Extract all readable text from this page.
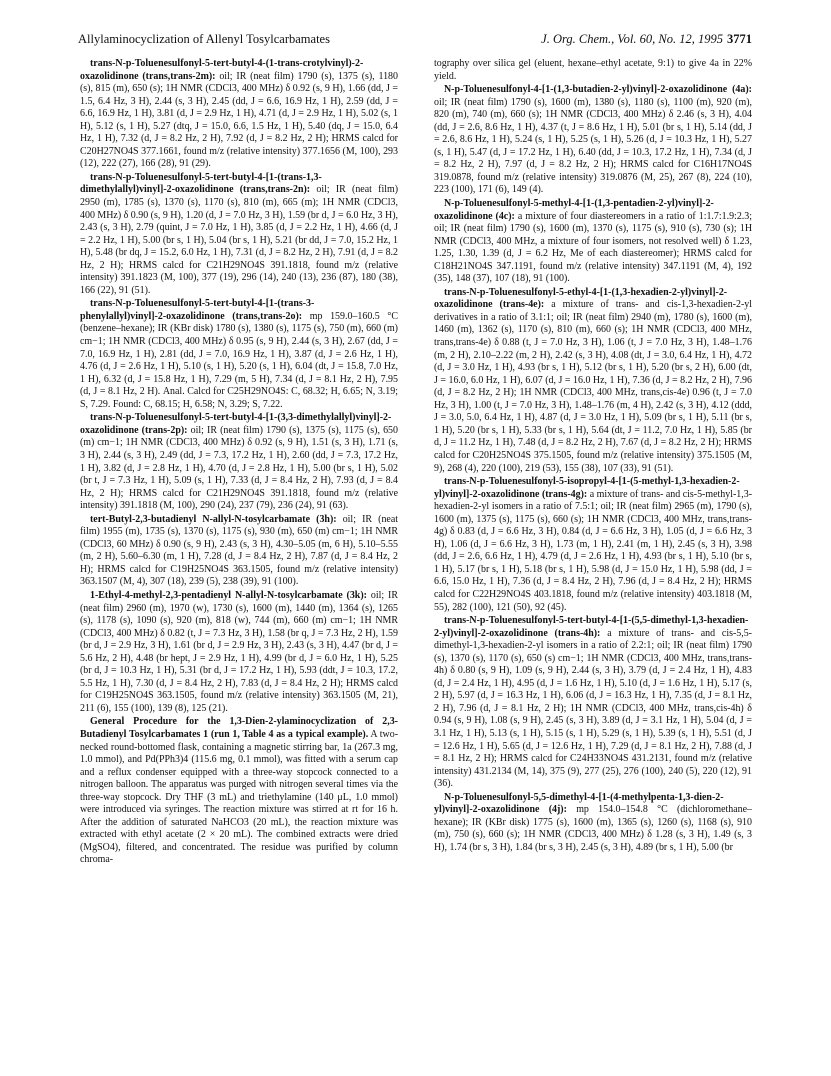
Allylaminocyclization of Allenyl Tosylcarbamates	J. Org. Chem., Vol. 60, No. 12, 1995 3771

trans-N-p-Toluenesulfonyl-5-tert-butyl-4-(1-trans-crotylvinyl)-2-oxazolidinone (trans,trans-2m): oil; IR (neat film) 1790 (s), 1375 (s), 1180 (s), 815 (m), 650 (s); 1H NMR (CDCl3, 400 MHz) δ 0.92 (s, 9 H), 1.66 (dd, J = 1.5, 6.4 Hz, 3 H), 2.44 (s, 3 H), 2.45 (dd, J = 6.6, 16.9 Hz, 1 H), 2.59 (dd, J = 6.6, 16.9 Hz, 1 H), 3.81 (d, J = 2.9 Hz, 1 H), 4.71 (d, J = 2.9 Hz, 1 H), 5.02 (s, 1 H), 5.12 (s, 1 H), 5.27 (dtq, J = 15.0, 6.6, 1.5 Hz, 1 H), 5.40 (dq, J = 15.0, 6.4 Hz, 1 H), 7.32 (d, J = 8.2 Hz, 2 H), 7.92 (d, J = 8.2 Hz, 2 H); HRMS calcd for C20H27NO4S 377.1661, found m/z (relative intensity) 377.1656 (M, 100), 293 (12), 222 (27), 166 (28), 91 (29).

trans-N-p-Toluenesulfonyl-5-tert-butyl-4-[1-(trans-1,3-dimethylallyl)vinyl]-2-oxazolidinone (trans,trans-2n): oil; IR (neat film) 2950 (m), 1785 (s), 1370 (s), 1170 (s), 810 (m), 665 (m); 1H NMR (CDCl3, 400 MHz) δ 0.90 (s, 9 H), 1.20 (d, J = 7.0 Hz, 3 H), 1.59 (br d, J = 6.0 Hz, 3 H), 2.43 (s, 3 H), 2.79 (quint, J = 7.0 Hz, 1 H), 3.85 (d, J = 2.2 Hz, 1 H), 4.66 (d, J = 2.2 Hz, 1 H), 5.00 (br s, 1 H), 5.04 (br s, 1 H), 5.21 (br dd, J = 7.0, 15.2 Hz, 1 H), 5.48 (br dq, J = 15.2, 6.0 Hz, 1 H), 7.31 (d, J = 8.2 Hz, 2 H), 7.91 (d, J = 8.2 Hz, 2 H); HRMS calcd for C21H29NO4S 391.1818, found m/z (relative intensity) 391.1823 (M, 100), 377 (19), 296 (14), 240 (13), 236 (87), 180 (38), 166 (22), 91 (51).

trans-N-p-Toluenesulfonyl-5-tert-butyl-4-[1-(trans-3-phenylallyl)vinyl]-2-oxazolidinone (trans,trans-2o): mp 159.0–160.5 °C (benzene–hexane); IR (KBr disk) 1780 (s), 1380 (s), 1175 (s), 750 (m), 660 (m) cm−1; 1H NMR (CDCl3, 400 MHz) δ 0.95 (s, 9 H), 2.44 (s, 3 H), 2.67 (dd, J = 7.0, 16.9 Hz, 1 H), 2.81 (dd, J = 7.0, 16.9 Hz, 1 H), 3.87 (d, J = 2.6 Hz, 1 H), 4.76 (d, J = 2.6 Hz, 1 H), 5.10 (s, 1 H), 5.20 (s, 1 H), 6.04 (dt, J = 15.8, 7.0 Hz, 1 H), 6.32 (d, J = 15.8 Hz, 1 H), 7.29 (m, 5 H), 7.34 (d, J = 8.1 Hz, 2 H), 7.95 (d, J = 8.1 Hz, 2 H). Anal. Calcd for C25H29NO4S: C, 68.32; H, 6.65; N, 3.19; S, 7.29. Found: C, 68.15; H, 6.58; N, 3.29; S, 7.22.

trans-N-p-Toluenesulfonyl-5-tert-butyl-4-[1-(3,3-dimethylallyl)vinyl]-2-oxazolidinone (trans-2p): oil; IR (neat film) 1790 (s), 1375 (s), 1175 (s), 650 (m) cm−1; 1H NMR (CDCl3, 400 MHz) δ 0.92 (s, 9 H), 1.51 (s, 3 H), 1.71 (s, 3 H), 2.44 (s, 3 H), 2.49 (dd, J = 7.3, 17.2 Hz, 1 H), 2.60 (dd, J = 7.3, 17.2 Hz, 1 H), 3.82 (d, J = 2.8 Hz, 1 H), 4.70 (d, J = 2.8 Hz, 1 H), 5.00 (br s, 1 H), 5.02 (br t, J = 7.3 Hz, 1 H), 5.09 (s, 1 H), 7.33 (d, J = 8.4 Hz, 2 H), 7.93 (d, J = 8.4 Hz, 2 H); HRMS calcd for C21H29NO4S 391.1818, found m/z (relative intensity) 391.1818 (M, 100), 290 (24), 237 (79), 236 (24), 91 (63).

tert-Butyl-2,3-butadienyl N-allyl-N-tosylcarbamate (3h): oil; IR (neat film) 1955 (m), 1735 (s), 1370 (s), 1175 (s), 930 (m), 650 (m) cm−1; 1H NMR (CDCl3, 60 MHz) δ 0.90 (s, 9 H), 2.43 (s, 3 H), 4.30–5.05 (m, 6 H), 5.10–5.55 (m, 2 H), 5.60–6.30 (m, 1 H), 7.28 (d, J = 8.4 Hz, 2 H), 7.87 (d, J = 8.4 Hz, 2 H); HRMS calcd for C19H25NO4S 363.1505, found m/z (relative intensity) 363.1507 (M, 4), 307 (18), 239 (5), 238 (39), 91 (100).

1-Ethyl-4-methyl-2,3-pentadienyl N-allyl-N-tosylcarbamate (3k): oil; IR (neat film) 2960 (m), 1970 (w), 1730 (s), 1600 (m), 1440 (m), 1364 (s), 1265 (s), 1178 (s), 1090 (s), 920 (m), 818 (w), 744 (m), 660 (m) cm−1; 1H NMR (CDCl3, 400 MHz) δ 0.82 (t, J = 7.3 Hz, 3 H), 1.58 (br q, J = 7.3 Hz, 2 H), 1.59 (br d, J = 2.9 Hz, 3 H), 1.61 (br d, J = 2.9 Hz, 3 H), 2.43 (s, 3 H), 4.47 (br d, J = 5.6 Hz, 2 H), 4.48 (br hept, J = 2.9 Hz, 1 H), 4.99 (br d, J = 6.0 Hz, 1 H), 5.25 (br d, J = 10.3 Hz, 1 H), 5.31 (br d, J = 17.2 Hz, 1 H), 5.93 (ddt, J = 10.3, 17.2, 5.5 Hz, 1 H), 7.30 (d, J = 8.4 Hz, 2 H), 7.83 (d, J = 8.4 Hz, 2 H); HRMS calcd for C19H25NO4S 363.1505, found m/z (relative intensity) 363.1505 (M, 21), 211 (6), 155 (100), 139 (8), 125 (21).

General Procedure for the 1,3-Dien-2-ylaminocyclization of 2,3-Butadienyl Tosylcarbamates 1 (run 1, Table 4 as a typical example). A two-necked round-bottomed flask, containing a magnetic stirring bar, 1a (267.3 mg, 1.0 mmol), and Pd(PPh3)4 (115.6 mg, 0.1 mmol), was fitted with a serum cap and a reflux condenser equipped with a three-way stopcock connected to a nitrogen balloon. The apparatus was purged with nitrogen several times via the three-way stopcock. Dry THF (3 mL) and triethylamine (140 μL, 1.0 mmol) were introduced via syringes. The reaction mixture was stirred at rt for 16 h. After the addition of saturated NaHCO3 (20 mL), the reaction mixture was extracted with ethyl acetate (2 × 20 mL). The combined extracts were dried (MgSO4), filtered, and concentrated. The residue was purified by column chroma-

tography over silica gel (eluent, hexane–ethyl acetate, 9:1) to give 4a in 22% yield.

N-p-Toluenesulfonyl-4-[1-(1,3-butadien-2-yl)vinyl]-2-oxazolidinone (4a): oil; IR (neat film) 1790 (s), 1600 (m), 1380 (s), 1180 (s), 1100 (m), 920 (m), 820 (m), 740 (m), 660 (s); 1H NMR (CDCl3, 400 MHz) δ 2.46 (s, 3 H), 4.04 (dd, J = 2.6, 8.6 Hz, 1 H), 4.37 (t, J = 8.6 Hz, 1 H), 5.01 (br s, 1 H), 5.14 (dd, J = 2.6, 8.6 Hz, 1 H), 5.24 (s, 1 H), 5.25 (s, 1 H), 5.26 (d, J = 10.3 Hz, 1 H), 5.27 (s, 1 H), 5.47 (d, J = 17.2 Hz, 1 H), 6.40 (dd, J = 10.3, 17.2 Hz, 1 H), 7.34 (d, J = 8.2 Hz, 2 H), 7.97 (d, J = 8.2 Hz, 2 H); HRMS calcd for C16H17NO4S 319.0878, found m/z (relative intensity) 319.0876 (M, 25), 267 (8), 224 (10), 223 (100), 171 (6), 149 (4).

N-p-Toluenesulfonyl-5-methyl-4-[1-(1,3-pentadien-2-yl)vinyl]-2-oxazolidinone (4c): a mixture of four diastereomers in a ratio of 1:1.7:1.9:2.3; oil; IR (neat film) 1790 (s), 1600 (m), 1370 (s), 1175 (s), 910 (s), 730 (s); 1H NMR (CDCl3, 400 MHz, a mixture of four isomers, not resolved well) δ 1.23, 1.25, 1.30, 1.39 (d, J = 6.2 Hz, Me of each diastereomer); HRMS calcd for C18H21NO4S 347.1191, found m/z (relative intensity) 347.1191 (M, 4), 192 (35), 148 (37), 107 (18), 91 (100).

trans-N-p-Toluenesulfonyl-5-ethyl-4-[1-(1,3-hexadien-2-yl)vinyl]-2-oxazolidinone (trans-4e): a mixture of trans- and cis-1,3-hexadien-2-yl derivatives in a ratio of 3.1:1; oil; IR (neat film) 2940 (m), 1780 (s), 1600 (m), 1460 (m), 1362 (s), 1170 (s), 810 (m), 660 (s); 1H NMR (CDCl3, 400 MHz, trans,trans-4e) δ 0.88 (t, J = 7.0 Hz, 3 H), 1.06 (t, J = 7.0 Hz, 3 H), 1.48–1.76 (m, 2 H), 2.10–2.22 (m, 2 H), 2.42 (s, 3 H), 4.08 (dt, J = 3.0, 6.4 Hz, 1 H), 4.72 (d, J = 3.0 Hz, 1 H), 4.93 (br s, 1 H), 5.12 (br s, 1 H), 5.20 (br s, 2 H), 6.00 (dt, J = 16.0, 6.0 Hz, 1 H), 6.07 (d, J = 16.0 Hz, 1 H), 7.36 (d, J = 8.2 Hz, 2 H), 7.96 (d, J = 8.2 Hz, 2 H); 1H NMR (CDCl3, 400 MHz, trans,cis-4e) 0.96 (t, J = 7.0 Hz, 3 H), 1.00 (t, J = 7.0 Hz, 3 H), 1.48–1.76 (m, 4 H), 2.42 (s, 3 H), 4.12 (ddd, J = 3.0, 5.0, 6.4 Hz, 1 H), 4.87 (d, J = 3.0 Hz, 1 H), 5.09 (br s, 1 H), 5.11 (br s, 1 H), 5.20 (br s, 1 H), 5.33 (br s, 1 H), 5.64 (dt, J = 11.2, 7.0 Hz, 1 H), 5.85 (br d, J = 11.2 Hz, 1 H), 7.48 (d, J = 8.2 Hz, 2 H), 7.67 (d, J = 8.2 Hz, 2 H); HRMS calcd for C20H25NO4S 375.1505, found m/z (relative intensity) 375.1505 (M, 9), 268 (4), 220 (100), 219 (53), 155 (38), 107 (33), 91 (51).

trans-N-p-Toluenesulfonyl-5-isopropyl-4-[1-(5-methyl-1,3-hexadien-2-yl)vinyl]-2-oxazolidinone (trans-4g): a mixture of trans- and cis-5-methyl-1,3-hexadien-2-yl isomers in a ratio of 7.5:1; oil; IR (neat film) 2965 (m), 1790 (s), 1600 (m), 1375 (s), 1175 (s), 660 (s); 1H NMR (CDCl3, 400 MHz, trans,trans-4g) δ 0.83 (d, J = 6.6 Hz, 3 H), 0.84 (d, J = 6.6 Hz, 3 H), 1.05 (d, J = 6.6 Hz, 3 H), 1.06 (d, J = 6.6 Hz, 3 H), 1.73 (m, 1 H), 2.41 (m, 1 H), 2.45 (s, 3 H), 3.98 (dd, J = 2.6, 6.6 Hz, 1 H), 4.79 (d, J = 2.6 Hz, 1 H), 4.93 (br s, 1 H), 5.10 (br s, 1 H), 5.17 (br s, 1 H), 5.18 (br s, 1 H), 5.98 (d, J = 15.0 Hz, 1 H), 5.98 (dd, J = 6.6, 15.0 Hz, 1 H), 7.36 (d, J = 8.4 Hz, 2 H), 7.96 (d, J = 8.4 Hz, 2 H); HRMS calcd for C22H29NO4S 403.1818, found m/z (relative intensity) 403.1818 (M, 55), 282 (100), 121 (50), 92 (45).

trans-N-p-Toluenesulfonyl-5-tert-butyl-4-[1-(5,5-dimethyl-1,3-hexadien-2-yl)vinyl]-2-oxazolidinone (trans-4h): a mixture of trans- and cis-5,5-dimethyl-1,3-hexadien-2-yl isomers in a ratio of 2.2:1; oil; IR (neat film) 1790 (s), 1370 (s), 1170 (s), 650 (s) cm−1; 1H NMR (CDCl3, 400 MHz, trans,trans-4h) δ 0.80 (s, 9 H), 1.09 (s, 9 H), 2.44 (s, 3 H), 3.79 (d, J = 2.4 Hz, 1 H), 4.83 (d, J = 2.4 Hz, 1 H), 4.95 (d, J = 1.6 Hz, 1 H), 5.10 (d, J = 1.6 Hz, 1 H), 5.17 (s, 2 H), 5.97 (d, J = 16.3 Hz, 1 H), 6.06 (d, J = 16.3 Hz, 1 H), 7.35 (d, J = 8.1 Hz, 2 H), 7.96 (d, J = 8.1 Hz, 2 H); 1H NMR (CDCl3, 400 MHz, trans,cis-4h) δ 0.94 (s, 9 H), 1.08 (s, 9 H), 2.45 (s, 3 H), 3.89 (d, J = 3.1 Hz, 1 H), 5.04 (d, J = 3.1 Hz, 1 H), 5.13 (s, 1 H), 5.15 (s, 1 H), 5.29 (s, 1 H), 5.39 (s, 1 H), 5.51 (d, J = 12.6 Hz, 1 H), 5.65 (d, J = 12.6 Hz, 1 H), 7.29 (d, J = 8.1 Hz, 2 H), 7.88 (d, J = 8.1 Hz, 2 H); HRMS calcd for C24H33NO4S 431.2131, found m/z (relative intensity) 431.2134 (M, 14), 375 (9), 277 (25), 276 (100), 240 (5), 220 (12), 91 (36).

N-p-Toluenesulfonyl-5,5-dimethyl-4-[1-(4-methylpenta-1,3-dien-2-yl)vinyl]-2-oxazolidinone (4j): mp 154.0–154.8 °C (dichloromethane–hexane); IR (KBr disk) 1775 (s), 1600 (m), 1365 (s), 1260 (s), 1168 (s), 910 (m), 750 (s), 660 (s); 1H NMR (CDCl3, 400 MHz) δ 1.28 (s, 3 H), 1.49 (s, 3 H), 1.74 (br s, 3 H), 1.84 (br s, 3 H), 2.45 (s, 3 H), 4.89 (br s, 1 H), 5.00 (br
